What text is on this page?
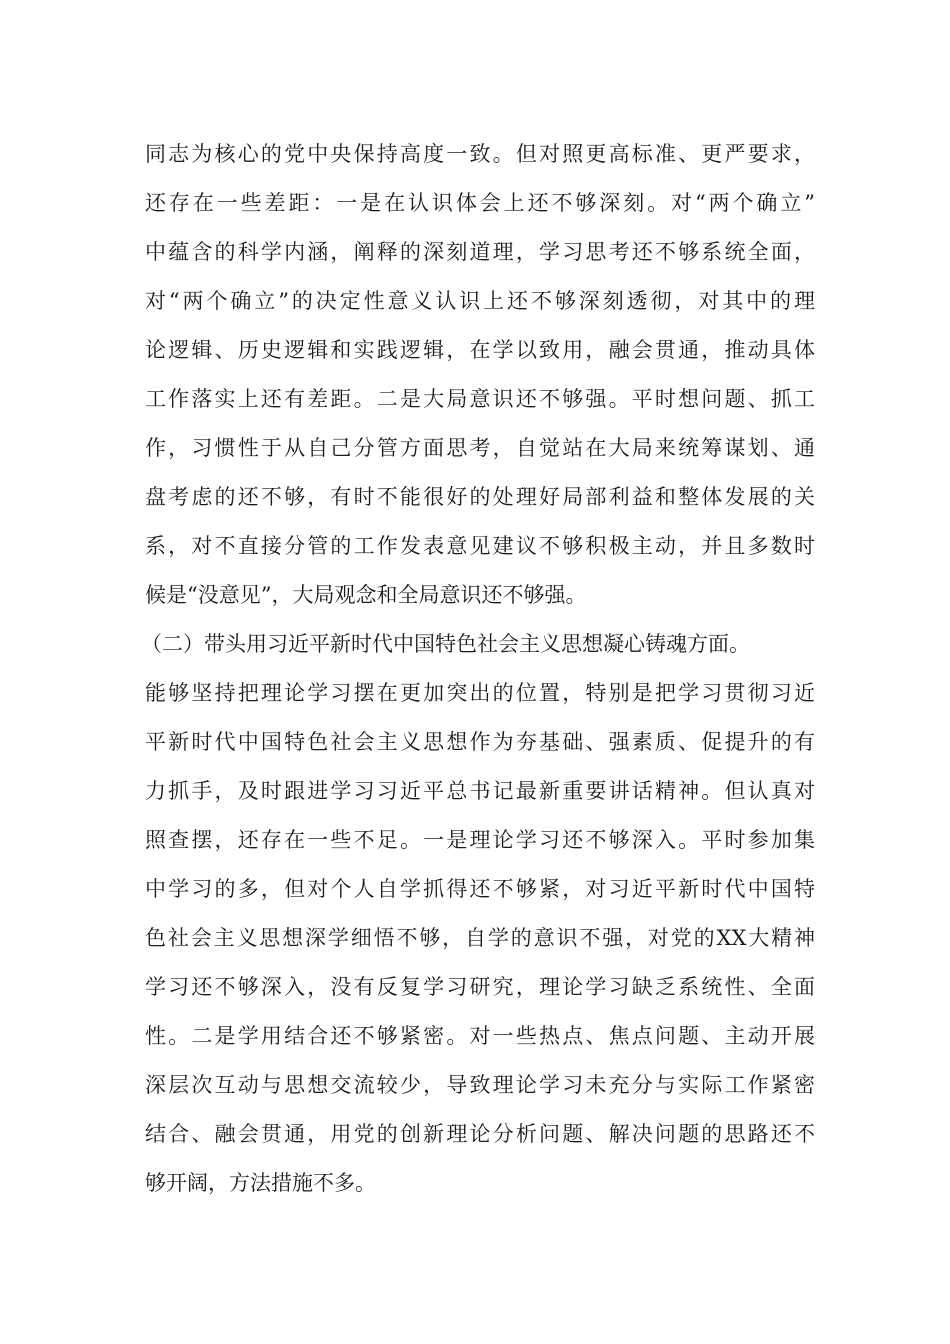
同志为核心的党中央保持高度一致。但对照更高标准、更严要求，
还存在一些差距：一是在认识体会上还不够深刻。对“两个确立”
中蕴含的科学内涵，阐释的深刻道理，学习思考还不够系统全面，
对“两个确立”的决定性意义认识上还不够深刻透彻，对其中的理
论逻辑、历史逻辑和实践逻辑，在学以致用，融会贯通，推动具体
工作落实上还有差距。二是大局意识还不够强。平时想问题、抓工
作，习惯性于从自己分管方面思考，自觉站在大局来统筹谋划、通
盘考虑的还不够，有时不能很好的处理好局部利益和整体发展的关
系，对不直接分管的工作发表意见建议不够积极主动，并且多数时
候是“没意见”，大局观念和全局意识还不够强。
（二）带头用习近平新时代中国特色社会主义思想凝心铸魂方面。
能够坚持把理论学习摆在更加突出的位置，特别是把学习贯彻习近
平新时代中国特色社会主义思想作为夯基础、强素质、促提升的有
力抓手，及时跟进学习习近平总书记最新重要讲话精神。但认真对
照查摆，还存在一些不足。一是理论学习还不够深入。平时参加集
中学习的多，但对个人自学抓得还不够紧，对习近平新时代中国特
色社会主义思想深学细悟不够，自学的意识不强，对党的XX大精神
学习还不够深入，没有反复学习研究，理论学习缺乏系统性、全面
性。二是学用结合还不够紧密。对一些热点、焦点问题、主动开展
深层次互动与思想交流较少，导致理论学习未充分与实际工作紧密
结合、融会贯通，用党的创新理论分析问题、解决问题的思路还不
够开阔，方法措施不多。
